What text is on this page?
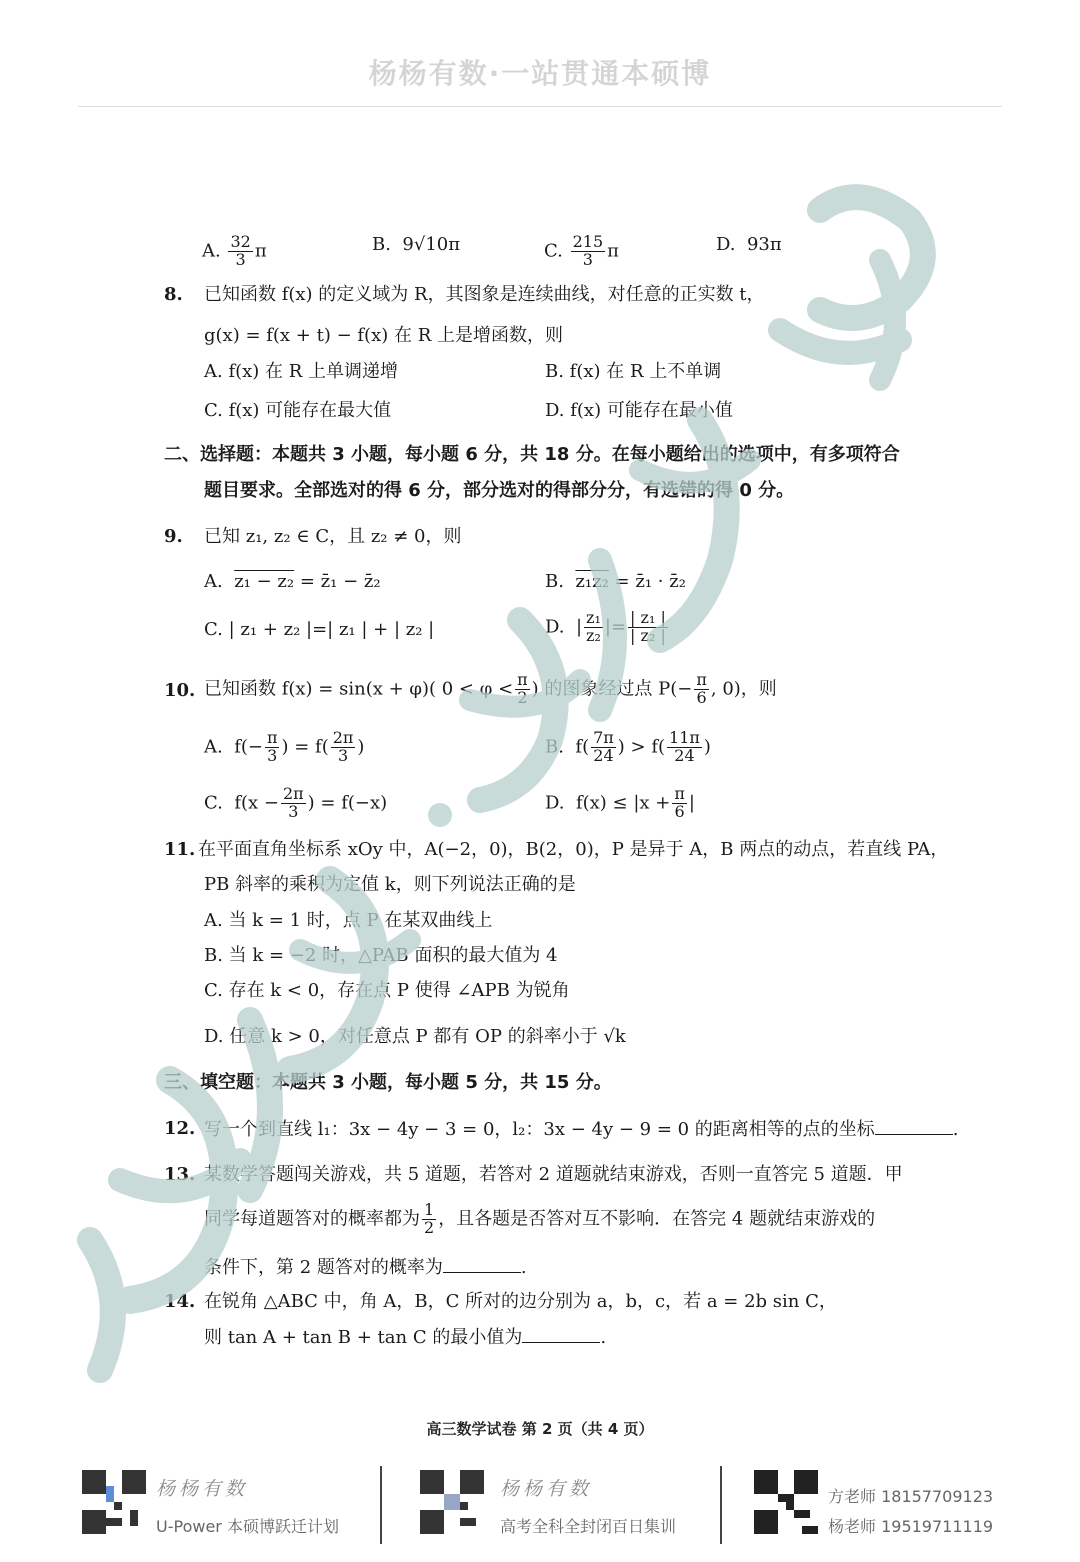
杨杨有数·一站贯通本硕博
A. $\frac{32}{3}$ π	B. 9√10π	C. $\frac{215}{3}$ π	D. 93π
8. 已知函数 f(x) 的定义域为 R，其图象是连续曲线，对任意的正实数 t，
g(x) = f(x + t) − f(x) 在 R 上是增函数，则
A. f(x) 在 R 上单调递增	B. f(x) 在 R 上不单调
C. f(x) 可能存在最大值	D. f(x) 可能存在最小值
二、选择题：本题共 3 小题，每小题 6 分，共 18 分。在每小题给出的选项中，有多项符合
题目要求。全部选对的得 6 分，部分选对的得部分分，有选错的得 0 分。
9. 已知 z₁, z₂ ∈ C，且 z₂ ≠ 0，则
A. z₁ − z₂ = z̄₁ − z̄₂	B. z₁z₂ = z̄₁ · z̄₂
C. | z₁ + z₂ |=| z₁ | + | z₂ |	D.  | $\frac{\text{z₁}}{\text{z₂}}$ |= $\frac{\text{| z₁ |}}{\text{| z₂ |}}$
10. 已知函数 f(x) = sin(x + φ)( $0 < \varphi < \frac{\pi}{2}$ ) 的图象经过点 $P(- \frac{\pi}{6}$ , 0)，则
A. $f(- \frac{\pi}{3}$ ) = $f( \frac{2\pi}{3}$ )	B. $f( \frac{7\pi}{24}$ ) > $f( \frac{11\pi}{24}$ )
C. $f(x - \frac{2\pi}{3}$ ) = f(−x)	D. $f(x) \le |x + \frac{\pi}{6}$ |
11. 在平面直角坐标系 xOy 中，A(−2，0)，B(2，0)，P 是异于 A，B 两点的动点，若直线 PA，
PB 斜率的乘积为定值 k，则下列说法正确的是
A. 当 k = 1 时，点 P 在某双曲线上
B. 当 k = −2 时，△PAB 面积的最大值为 4
C. 存在 k < 0，存在点 P 使得 ∠APB 为锐角
D. 任意 k > 0，对任意点 P 都有 OP 的斜率小于 √k
三、填空题：本题共 3 小题，每小题 5 分，共 15 分。
12. 写一个到直线 l₁：3x − 4y − 3 = 0，l₂：3x − 4y − 9 = 0 的距离相等的点的坐标	.
13. 某数学答题闯关游戏，共 5 道题，若答对 2 道题就结束游戏，否则一直答完 5 道题．甲
同学每道题答对的概率都为 $\frac{1}{2}$ ，且各题是否答对互不影响．在答完 4 题就结束游戏的
条件下，第 2 题答对的概率为	.
14. 在锐角 △ABC 中，角 A，B，C 所对的边分别为 a，b，c，若 a = 2b sin C，
则 tan A + tan B + tan C 的最小值为	.
高三数学试卷 第 2 页（共 4 页）
杨杨有数
U-Power 本硕博跃迁计划
杨杨有数
高考全科全封闭百日集训
方老师 18157709123
杨老师 19519711119
